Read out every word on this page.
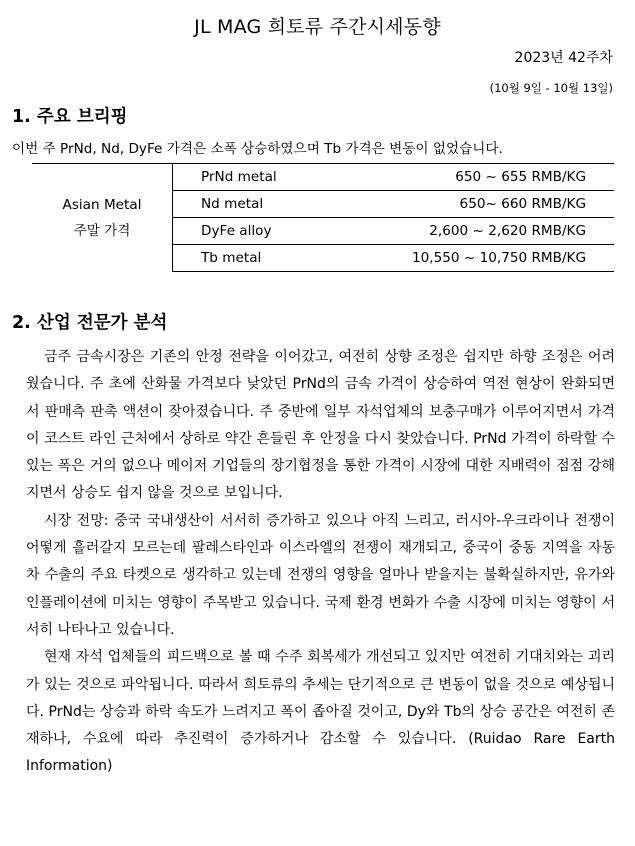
JL MAG 희토류 주간시세동향
2023년 42주차
(10월 9일 - 10월 13일)
1. 주요 브리핑
이번 주 PrNd, Nd, DyFe 가격은 소폭 상승하였으며 Tb 가격은 변동이 없었습니다.
Asian Metal
주말 가격	PrNd metal	650 ~ 655 RMB/KG
	Nd metal	650~ 660 RMB/KG
	DyFe alloy	2,600 ~ 2,620 RMB/KG
	Tb metal	10,550 ~ 10,750 RMB/KG
2. 산업 전문가 분석

금주 금속시장은 기존의 안정 전략을 이어갔고, 여전히 상향 조정은 쉽지만 하향 조정은 어려웠습니다. 주 초에 산화물 가격보다 낮았던 PrNd의 금속 가격이 상승하여 역전 현상이 완화되면서 판매측 판촉 액션이 잦아졌습니다. 주 중반에 일부 자석업체의 보충구매가 이루어지면서 가격이 코스트 라인 근처에서 상하로 약간 흔들린 후 안정을 다시 찾았습니다. PrNd 가격이 하락할 수 있는 폭은 거의 없으나 메이저 기업들의 장기협정을 통한 가격이 시장에 대한 지배력이 점점 강해지면서 상승도 쉽지 않을 것으로 보입니다.

시장 전망: 중국 국내생산이 서서히 증가하고 있으나 아직 느리고, 러시아-우크라이나 전쟁이 어떻게 흘러갈지 모르는데 팔레스타인과 이스라엘의 전쟁이 재개되고, 중국이 중동 지역을 자동차 수출의 주요 타켓으로 생각하고 있는데 전쟁의 영향을 얼마나 받을지는 불확실하지만, 유가와 인플레이션에 미치는 영향이 주목받고 있습니다. 국제 환경 변화가 수출 시장에 미치는 영향이 서서히 나타나고 있습니다.

현재 자석 업체들의 피드백으로 볼 때 수주 회복세가 개선되고 있지만 여전히 기대치와는 괴리가 있는 것으로 파악됩니다. 따라서 희토류의 추세는 단기적으로 큰 변동이 없을 것으로 예상됩니다. PrNd는 상승과 하락 속도가 느려지고 폭이 좁아질 것이고, Dy와 Tb의 상승 공간은 여전히 존재하나, 수요에 따라 추진력이 증가하거나 감소할 수 있습니다. (Ruidao Rare Earth Information)
